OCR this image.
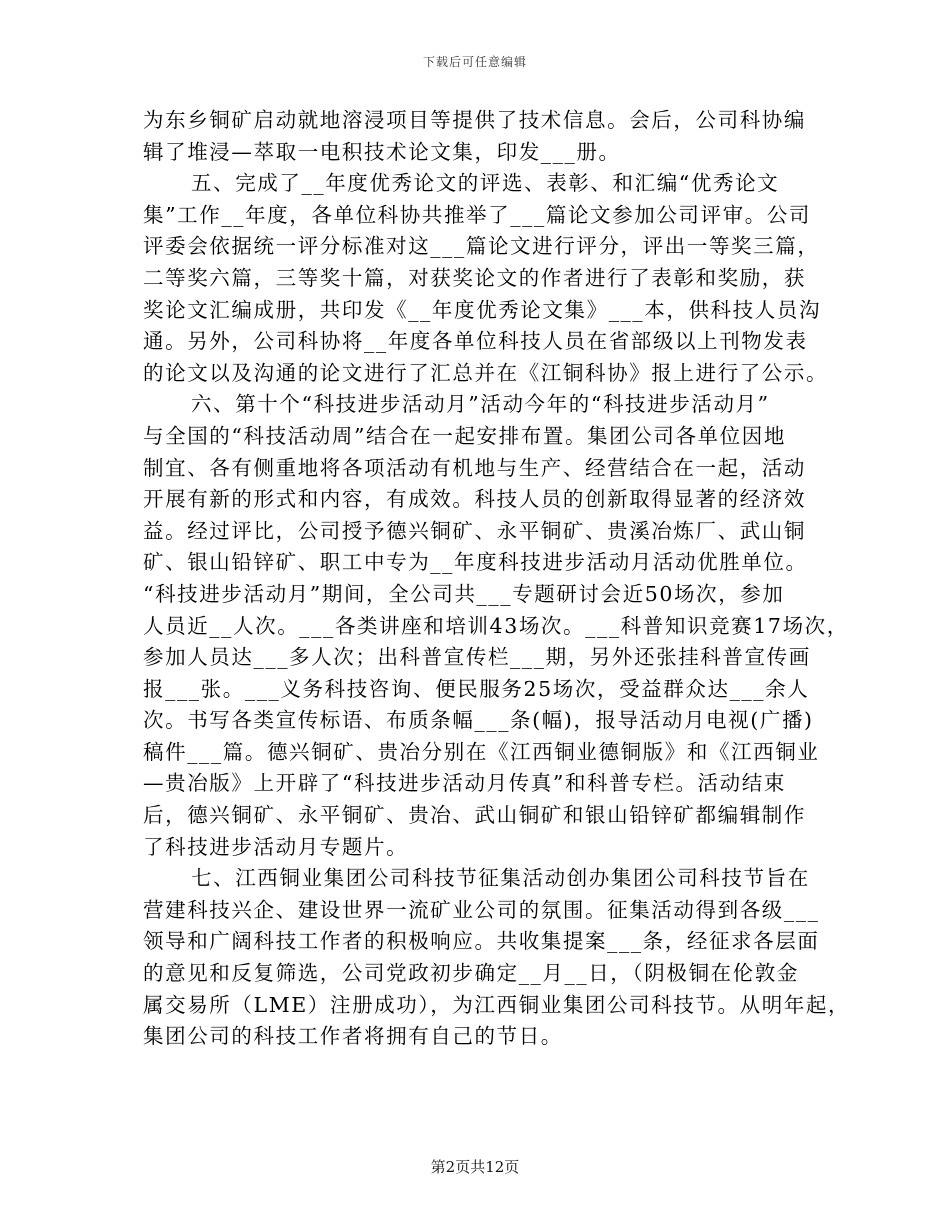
下载后可任意编辑
为东乡铜矿启动就地溶浸项目等提供了技术信息。会后，公司科协编
辑了堆浸—萃取一电积技术论文集，印发___册。
五、完成了__年度优秀论文的评选、表彰、和汇编“优秀论文
集”工作__年度，各单位科协共推举了___篇论文参加公司评审。公司
评委会依据统一评分标准对这___篇论文进行评分，评出一等奖三篇，
二等奖六篇，三等奖十篇，对获奖论文的作者进行了表彰和奖励，获
奖论文汇编成册，共印发《__年度优秀论文集》___本，供科技人员沟
通。另外，公司科协将__年度各单位科技人员在省部级以上刊物发表
的论文以及沟通的论文进行了汇总并在《江铜科协》报上进行了公示。
六、第十个“科技进步活动月”活动今年的“科技进步活动月”
与全国的“科技活动周”结合在一起安排布置。集团公司各单位因地
制宜、各有侧重地将各项活动有机地与生产、经营结合在一起，活动
开展有新的形式和内容，有成效。科技人员的创新取得显著的经济效
益。经过评比，公司授予德兴铜矿、永平铜矿、贵溪冶炼厂、武山铜
矿、银山铅锌矿、职工中专为__年度科技进步活动月活动优胜单位。
“科技进步活动月”期间，全公司共___专题研讨会近50场次，参加
人员近__人次。___各类讲座和培训43场次。___科普知识竞赛17场次，
参加人员达___多人次；出科普宣传栏___期，另外还张挂科普宣传画
报___张。___义务科技咨询、便民服务25场次，受益群众达___余人
次。书写各类宣传标语、布质条幅___条(幅)，报导活动月电视(广播)
稿件___篇。德兴铜矿、贵冶分别在《江西铜业德铜版》和《江西铜业
—贵冶版》上开辟了“科技进步活动月传真”和科普专栏。活动结束
后，德兴铜矿、永平铜矿、贵冶、武山铜矿和银山铅锌矿都编辑制作
了科技进步活动月专题片。
七、江西铜业集团公司科技节征集活动创办集团公司科技节旨在
营建科技兴企、建设世界一流矿业公司的氛围。征集活动得到各级___
领导和广阔科技工作者的积极响应。共收集提案___条，经征求各层面
的意见和反复筛选，公司党政初步确定__月__日，（阴极铜在伦敦金
属交易所（LME）注册成功），为江西铜业集团公司科技节。从明年起，
集团公司的科技工作者将拥有自己的节日。
第2页共12页
